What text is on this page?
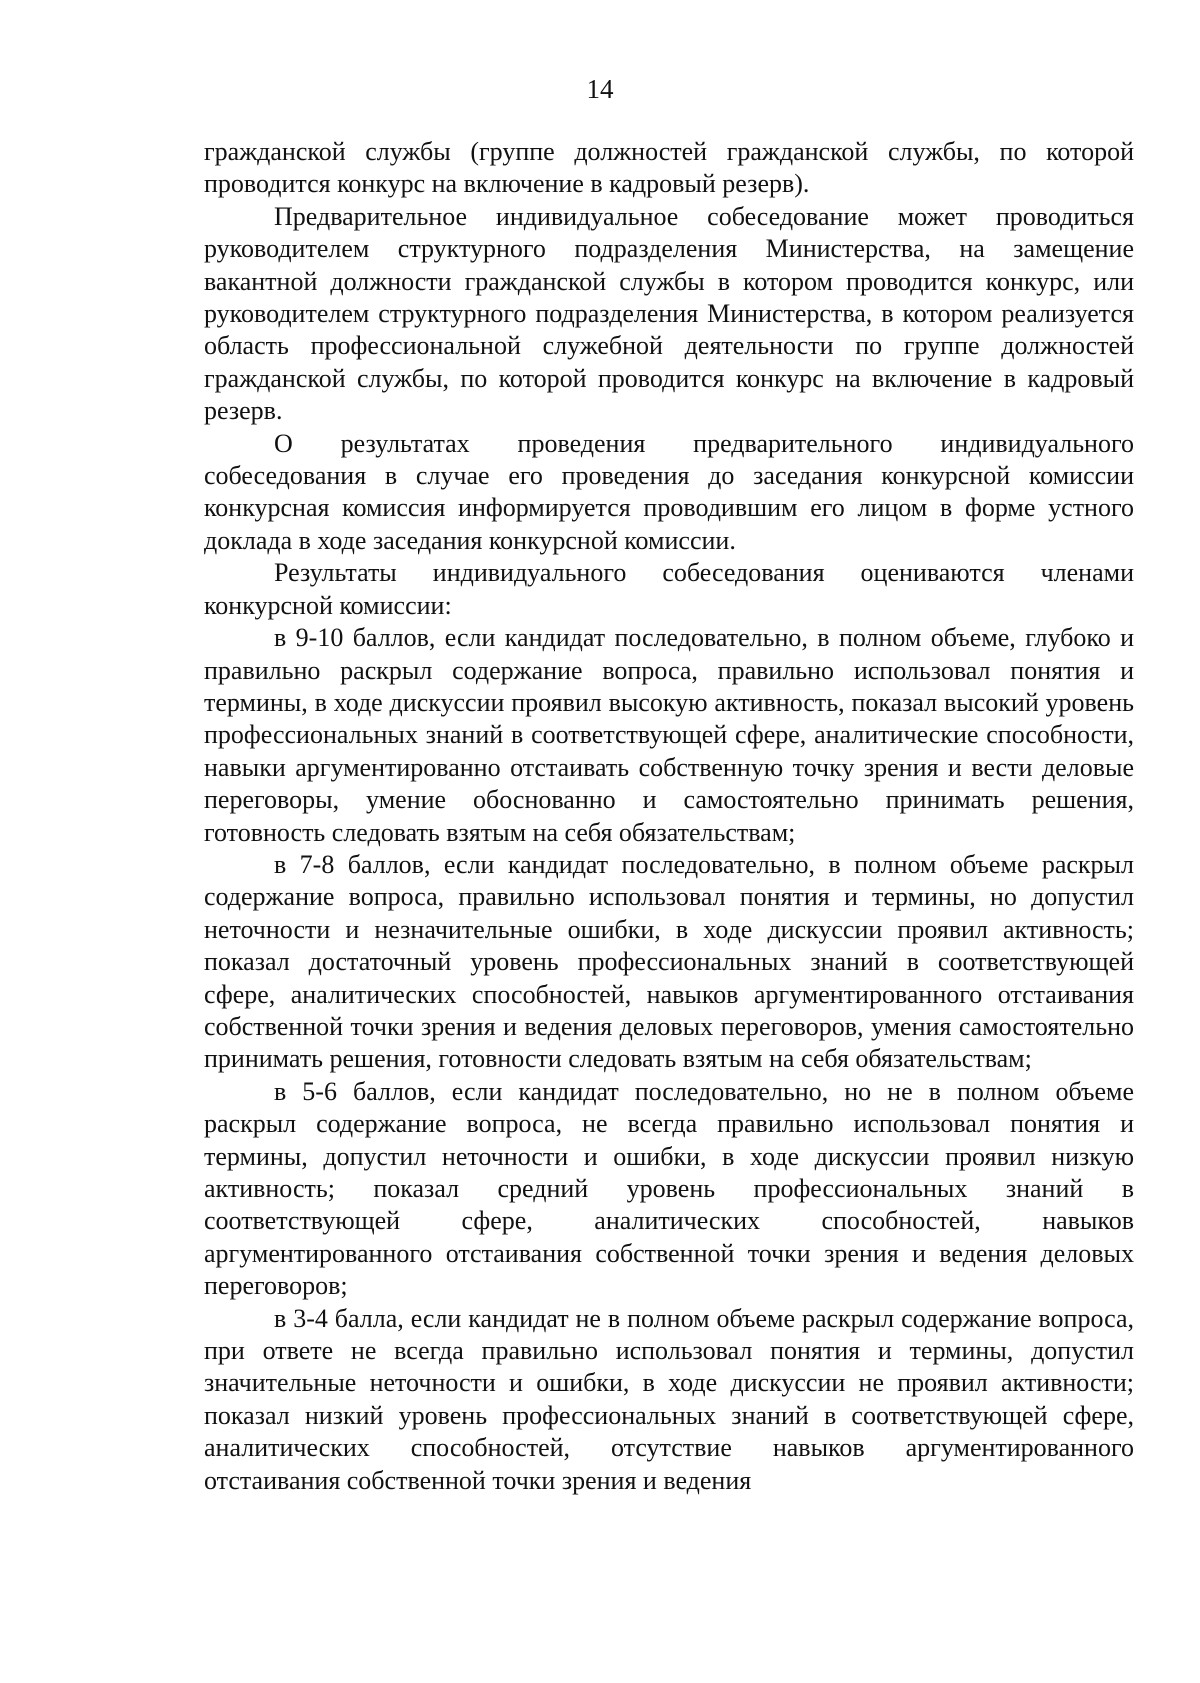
14

гражданской службы (группе должностей гражданской службы, по которой проводится конкурс на включение в кадровый резерв).

Предварительное индивидуальное собеседование может проводиться руководителем структурного подразделения Министерства, на замещение вакантной должности гражданской службы в котором проводится конкурс, или руководителем структурного подразделения Министерства, в котором реализуется область профессиональной служебной деятельности по группе должностей гражданской службы, по которой проводится конкурс на включение в кадровый резерв.

О результатах проведения предварительного индивидуального собеседования в случае его проведения до заседания конкурсной комиссии конкурсная комиссия информируется проводившим его лицом в форме устного доклада в ходе заседания конкурсной комиссии.

Результаты индивидуального собеседования оцениваются членами конкурсной комиссии:

в 9-10 баллов, если кандидат последовательно, в полном объеме, глубоко и правильно раскрыл содержание вопроса, правильно использовал понятия и термины, в ходе дискуссии проявил высокую активность, показал высокий уровень профессиональных знаний в соответствующей сфере, аналитические способности, навыки аргументированно отстаивать собственную точку зрения и вести деловые переговоры, умение обоснованно и самостоятельно принимать решения, готовность следовать взятым на себя обязательствам;

в 7-8 баллов, если кандидат последовательно, в полном объеме раскрыл содержание вопроса, правильно использовал понятия и термины, но допустил неточности и незначительные ошибки, в ходе дискуссии проявил активность; показал достаточный уровень профессиональных знаний в соответствующей сфере, аналитических способностей, навыков аргументированного отстаивания собственной точки зрения и ведения деловых переговоров, умения самостоятельно принимать решения, готовности следовать взятым на себя обязательствам;

в 5-6 баллов, если кандидат последовательно, но не в полном объеме раскрыл содержание вопроса, не всегда правильно использовал понятия и термины, допустил неточности и ошибки, в ходе дискуссии проявил низкую активность; показал средний уровень профессиональных знаний в соответствующей сфере, аналитических способностей, навыков аргументированного отстаивания собственной точки зрения и ведения деловых переговоров;

в 3-4 балла, если кандидат не в полном объеме раскрыл содержание вопроса, при ответе не всегда правильно использовал понятия и термины, допустил значительные неточности и ошибки, в ходе дискуссии не проявил активности; показал низкий уровень профессиональных знаний в соответствующей сфере, аналитических способностей, отсутствие навыков аргументированного отстаивания собственной точки зрения и ведения
